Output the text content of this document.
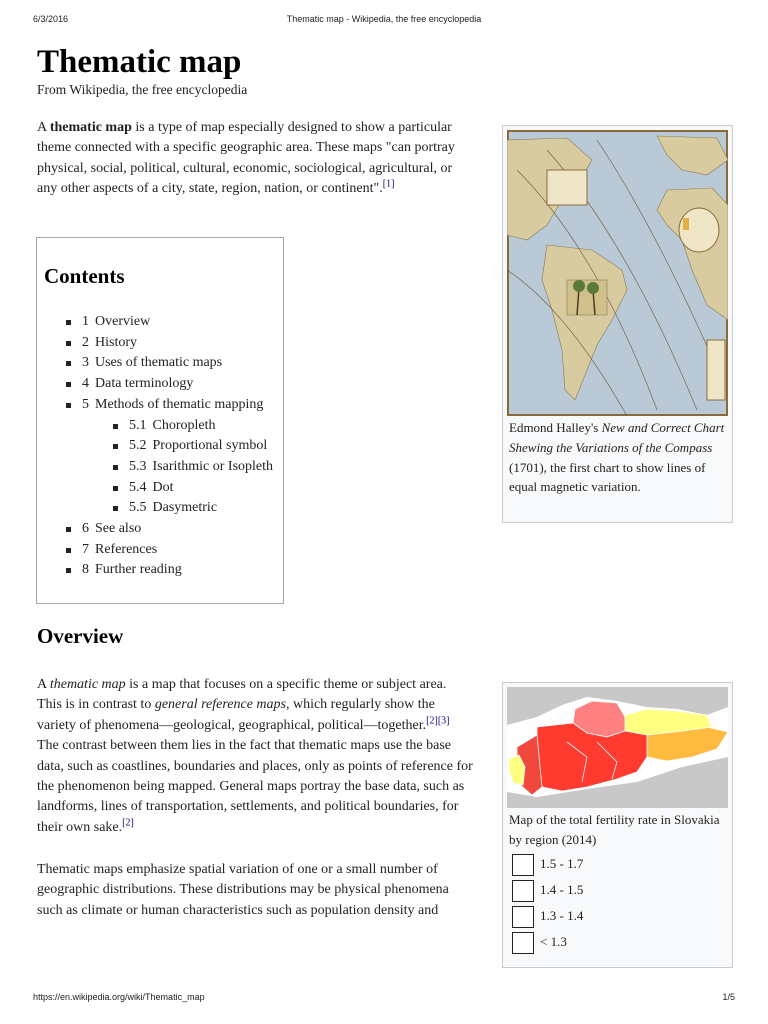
6/3/2016	Thematic map - Wikipedia, the free encyclopedia
https://en.wikipedia.org/wiki/Thematic_map	1/5
Thematic map
From Wikipedia, the free encyclopedia

A thematic map is a type of map especially designed to show a particular theme connected with a specific geographic area. These maps "can portray physical, social, political, cultural, economic, sociological, agricultural, or any other aspects of a city, state, region, nation, or continent".[1]

Contents
1 Overview
2 History
3 Uses of thematic maps
4 Data terminology
5 Methods of thematic mapping
5.1 Choropleth
5.2 Proportional symbol
5.3 Isarithmic or Isopleth
5.4 Dot
5.5 Dasymetric
6 See also
7 References
8 Further reading
Overview

A thematic map is a map that focuses on a specific theme or subject area. This is in contrast to general reference maps, which regularly show the variety of phenomena—geological, geographical, political—together.[2][3] The contrast between them lies in the fact that thematic maps use the base data, such as coastlines, boundaries and places, only as points of reference for the phenomenon being mapped. General maps portray the base data, such as landforms, lines of transportation, settlements, and political boundaries, for their own sake.[2]

Thematic maps emphasize spatial variation of one or a small number of geographic distributions. These distributions may be physical phenomena such as climate or human characteristics such as population density and

Edmond Halley's New and Correct Chart Shewing the Variations of the Compass (1701), the first chart to show lines of equal magnetic variation.
Map of the total fertility rate in Slovakia by region (2014)
1.5 - 1.7
1.4 - 1.5
1.3 - 1.4
< 1.3
